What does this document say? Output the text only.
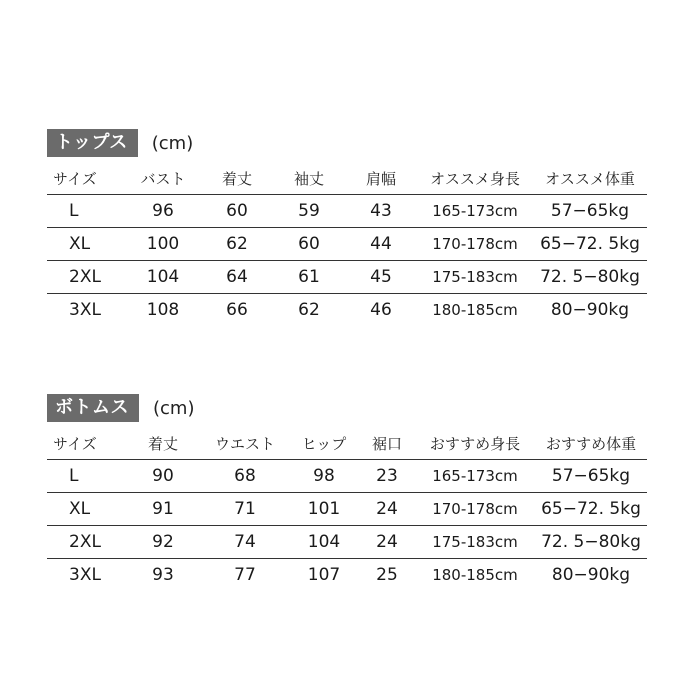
トップス	(cm)
サイズ	バスト	着丈	袖丈	肩幅	オススメ身長	オススメ体重
L	96	60	59	43	165-173cm	57−65kg
XL	100	62	60	44	170-178cm	65−72. 5kg
2XL	104	64	61	45	175-183cm	72. 5−80kg
3XL	108	66	62	46	180-185cm	80−90kg
ボトムス	(cm)
サイズ	着丈	ウエスト	ヒップ	裾口	おすすめ身長	おすすめ体重
L	90	68	98	23	165-173cm	57−65kg
XL	91	71	101	24	170-178cm	65−72. 5kg
2XL	92	74	104	24	175-183cm	72. 5−80kg
3XL	93	77	107	25	180-185cm	80−90kg
